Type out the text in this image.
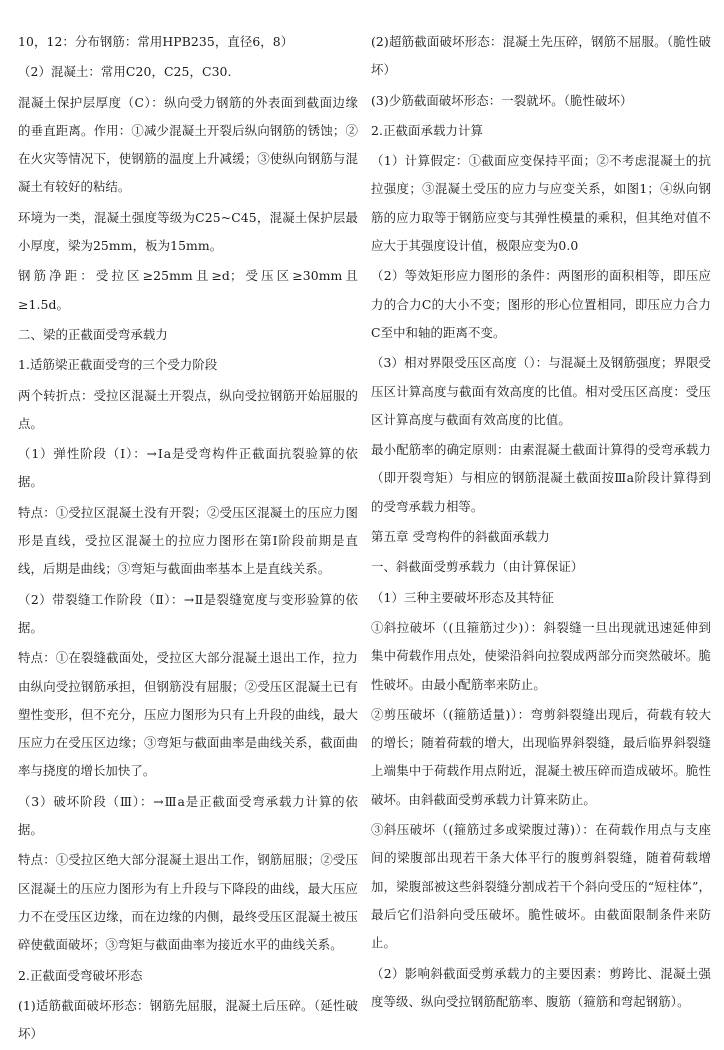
10，12：分布钢筋：常用HPB235，直径6，8）

（2）混凝土：常用C20，C25，C30.

混凝土保护层厚度（C）：纵向受力钢筋的外表面到截面边缘的垂直距离。作用：①减少混凝土开裂后纵向钢筋的锈蚀；②在火灾等情况下，使钢筋的温度上升减缓；③使纵向钢筋与混凝土有较好的粘结。

环境为一类，混凝土强度等级为C25~C45，混凝土保护层最小厚度，梁为25mm，板为15mm。

钢筋净距：受拉区≥25mm且≥d；受压区≥30mm且≥1.5d。

二、梁的正截面受弯承载力

1.适筋梁正截面受弯的三个受力阶段

两个转折点：受拉区混凝土开裂点，纵向受拉钢筋开始屈服的点。

（1）弹性阶段（Ⅰ）：→Ⅰa是受弯构件正截面抗裂验算的依据。

特点：①受拉区混凝土没有开裂；②受压区混凝土的压应力图形是直线，受拉区混凝土的拉应力图形在第Ⅰ阶段前期是直线，后期是曲线；③弯矩与截面曲率基本上是直线关系。

（2）带裂缝工作阶段（Ⅱ）：→Ⅱ是裂缝宽度与变形验算的依据。

特点：①在裂缝截面处，受拉区大部分混凝土退出工作，拉力由纵向受拉钢筋承担，但钢筋没有屈服；②受压区混凝土已有塑性变形，但不充分，压应力图形为只有上升段的曲线，最大压应力在受压区边缘；③弯矩与截面曲率是曲线关系，截面曲率与挠度的增长加快了。

（3）破坏阶段（Ⅲ）：→Ⅲa是正截面受弯承载力计算的依据。

特点：①受拉区绝大部分混凝土退出工作，钢筋屈服；②受压区混凝土的压应力图形为有上升段与下降段的曲线，最大压应力不在受压区边缘，而在边缘的内侧，最终受压区混凝土被压碎使截面破坏；③弯矩与截面曲率为接近水平的曲线关系。

2.正截面受弯破坏形态

(1)适筋截面破坏形态：钢筋先屈服，混凝土后压碎。（延性破坏）

(2)超筋截面破坏形态：混凝土先压碎，钢筋不屈服。（脆性破坏）

(3)少筋截面破坏形态：一裂就坏。（脆性破坏）

2.正截面承载力计算

（1）计算假定：①截面应变保持平面；②不考虑混凝土的抗拉强度；③混凝土受压的应力与应变关系，如图1；④纵向钢筋的应力取等于钢筋应变与其弹性模量的乘积，但其绝对值不应大于其强度设计值，极限应变为0.0

（2）等效矩形应力图形的条件：两图形的面积相等，即压应力的合力C的大小不变；图形的形心位置相同，即压应力合力C至中和轴的距离不变。

（3）相对界限受压区高度（）：与混凝土及钢筋强度；界限受压区计算高度与截面有效高度的比值。相对受压区高度：受压区计算高度与截面有效高度的比值。

最小配筋率的确定原则：由素混凝土截面计算得的受弯承载力（即开裂弯矩）与相应的钢筋混凝土截面按Ⅲa阶段计算得到的受弯承载力相等。

第五章 受弯构件的斜截面承载力

一、斜截面受剪承载力（由计算保证）

（1）三种主要破坏形态及其特征

①斜拉破坏（(且箍筋过少)）：斜裂缝一旦出现就迅速延伸到集中荷载作用点处，使梁沿斜向拉裂成两部分而突然破坏。脆性破坏。由最小配筋率来防止。

②剪压破坏（(箍筋适量)）：弯剪斜裂缝出现后，荷载有较大的增长；随着荷载的增大，出现临界斜裂缝，最后临界斜裂缝上端集中于荷载作用点附近，混凝土被压碎而造成破坏。脆性破坏。由斜截面受剪承载力计算来防止。

③斜压破坏（(箍筋过多或梁腹过薄)）：在荷载作用点与支座间的梁腹部出现若干条大体平行的腹剪斜裂缝，随着荷载增加，梁腹部被这些斜裂缝分割成若干个斜向受压的“短柱体”，最后它们沿斜向受压破坏。脆性破坏。由截面限制条件来防止。

（2）影响斜截面受剪承载力的主要因素：剪跨比、混凝土强度等级、纵向受拉钢筋配筋率、腹筋（箍筋和弯起钢筋）。
